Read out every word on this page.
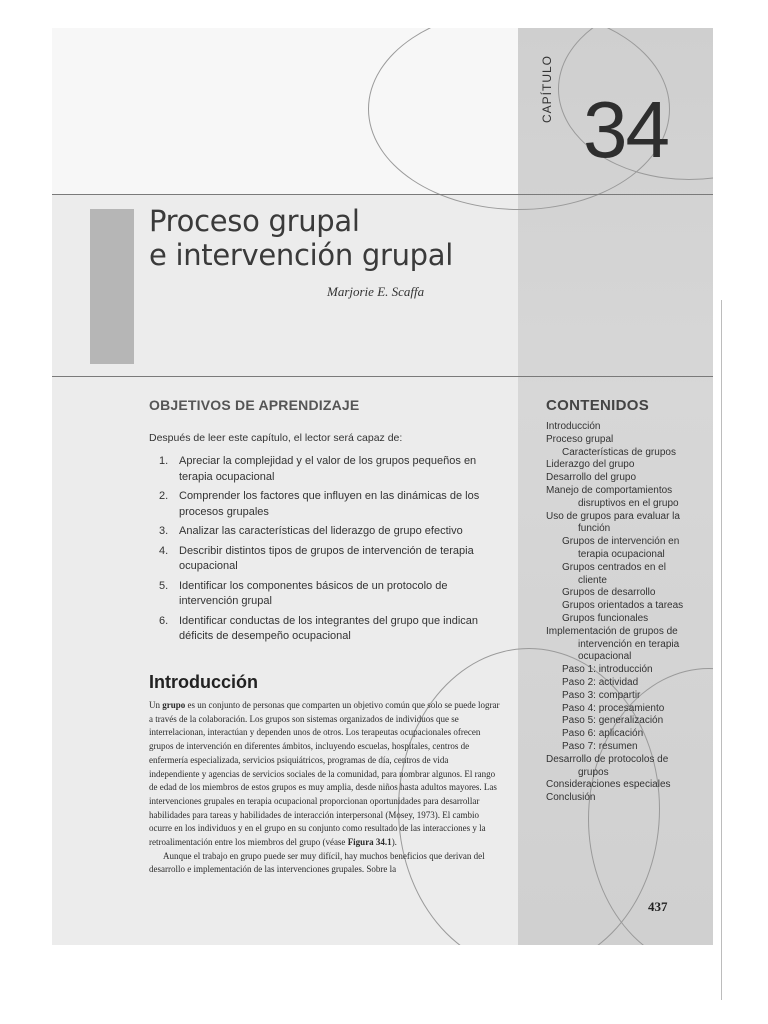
CAPÍTULO 34
Proceso grupal
e intervención grupal
Marjorie E. Scaffa
OBJETIVOS DE APRENDIZAJE
Después de leer este capítulo, el lector será capaz de:
1. Apreciar la complejidad y el valor de los grupos pequeños en terapia ocupacional
2. Comprender los factores que influyen en las dinámicas de los procesos grupales
3. Analizar las características del liderazgo de grupo efectivo
4. Describir distintos tipos de grupos de intervención de terapia ocupacional
5. Identificar los componentes básicos de un protocolo de intervención grupal
6. Identificar conductas de los integrantes del grupo que indican déficits de desempeño ocupacional
Introducción

Un grupo es un conjunto de personas que comparten un objetivo común que solo se puede lograr a través de la colaboración. Los grupos son sistemas organizados de individuos que se interrelacionan, interactúan y dependen unos de otros. Los terapeutas ocupacionales ofrecen grupos de intervención en diferentes ámbitos, incluyendo escuelas, hospitales, centros de enfermería especializada, servicios psiquiátricos, programas de día, centros de vida independiente y agencias de servicios sociales de la comunidad, para nombrar algunos. El rango de edad de los miembros de estos grupos es muy amplia, desde niños hasta adultos mayores. Las intervenciones grupales en terapia ocupacional proporcionan oportunidades para desarrollar habilidades para tareas y habilidades de interacción interpersonal (Mosey, 1973). El cambio ocurre en los individuos y en el grupo en su conjunto como resultado de las interacciones y la retroalimentación entre los miembros del grupo (véase Figura 34.1).

Aunque el trabajo en grupo puede ser muy difícil, hay muchos beneficios que derivan del desarrollo e implementación de las intervenciones grupales. Sobre la

CONTENIDOS
Introducción
Proceso grupal
Características de grupos
Liderazgo del grupo
Desarrollo del grupo
Manejo de comportamientos
disruptivos en el grupo
Uso de grupos para evaluar la
función
Grupos de intervención en
terapia ocupacional
Grupos centrados en el
cliente
Grupos de desarrollo
Grupos orientados a tareas
Grupos funcionales
Implementación de grupos de
intervención en terapia
ocupacional
Paso 1: introducción
Paso 2: actividad
Paso 3: compartir
Paso 4: procesamiento
Paso 5: generalización
Paso 6: aplicación
Paso 7: resumen
Desarrollo de protocolos de
grupos
Consideraciones especiales
Conclusión
437
